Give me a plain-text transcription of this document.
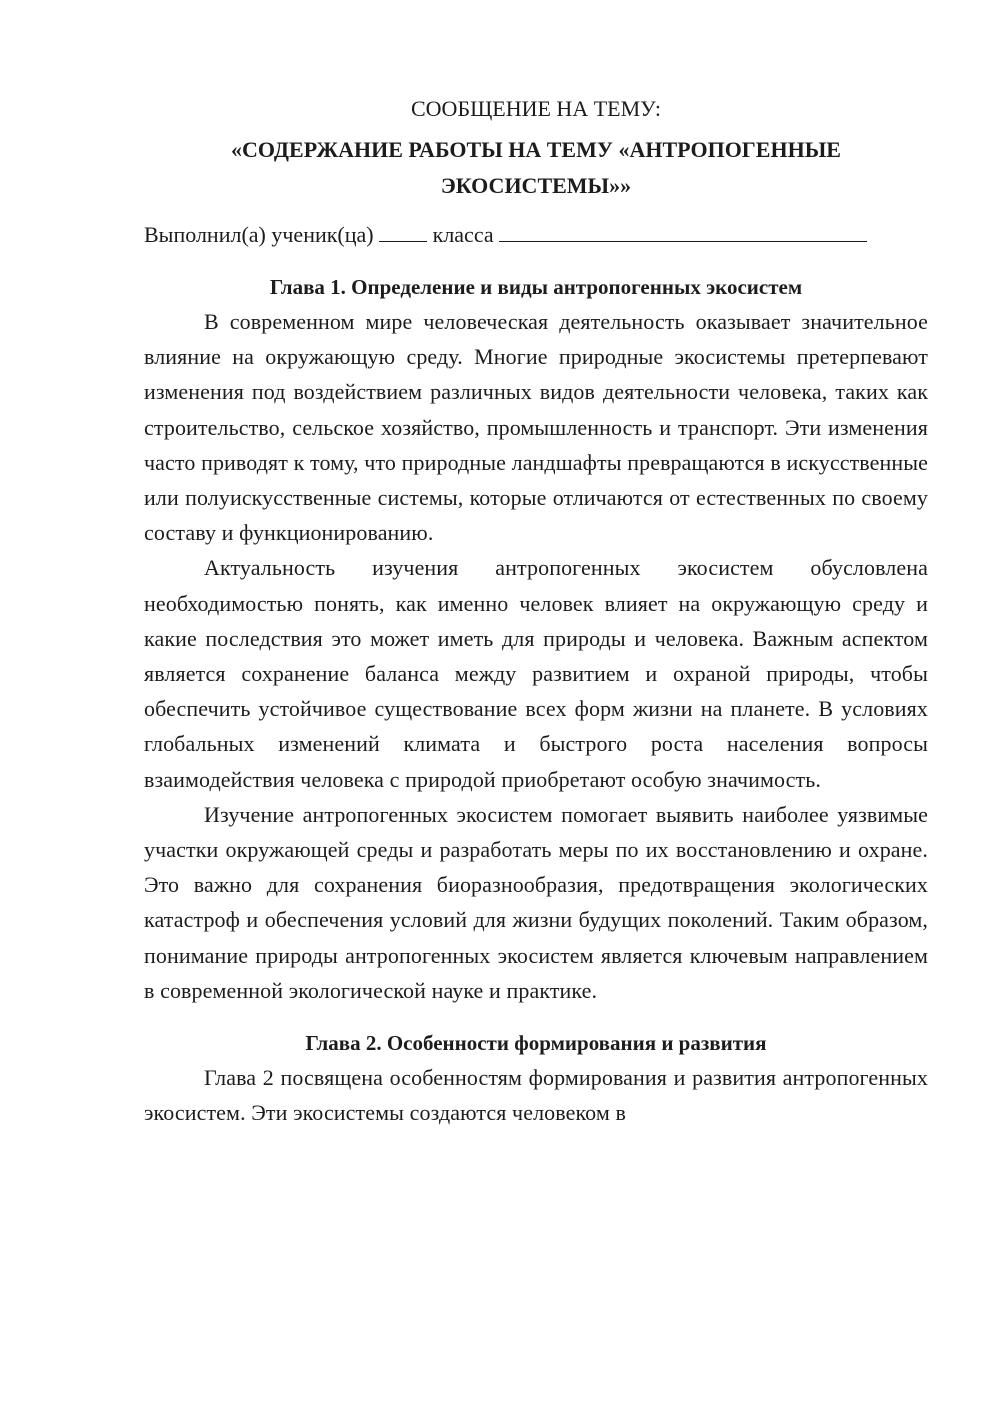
СООБЩЕНИЕ НА ТЕМУ:

«СОДЕРЖАНИЕ РАБОТЫ НА ТЕМУ «АНТРОПОГЕННЫЕ ЭКОСИСТЕМЫ»»

Выполнил(а) ученик(ца)	класса

Глава 1. Определение и виды антропогенных экосистем

В современном мире человеческая деятельность оказывает значительное влияние на окружающую среду. Многие природные экосистемы претерпевают изменения под воздействием различных видов деятельности человека, таких как строительство, сельское хозяйство, промышленность и транспорт. Эти изменения часто приводят к тому, что природные ландшафты превращаются в искусственные или полуискусственные системы, которые отличаются от естественных по своему составу и функционированию.

Актуальность изучения антропогенных экосистем обусловлена необходимостью понять, как именно человек влияет на окружающую среду и какие последствия это может иметь для природы и человека. Важным аспектом является сохранение баланса между развитием и охраной природы, чтобы обеспечить устойчивое существование всех форм жизни на планете. В условиях глобальных изменений климата и быстрого роста населения вопросы взаимодействия человека с природой приобретают особую значимость.

Изучение антропогенных экосистем помогает выявить наиболее уязвимые участки окружающей среды и разработать меры по их восстановлению и охране. Это важно для сохранения биоразнообразия, предотвращения экологических катастроф и обеспечения условий для жизни будущих поколений. Таким образом, понимание природы антропогенных экосистем является ключевым направлением в современной экологической науке и практике.

Глава 2. Особенности формирования и развития

Глава 2 посвящена особенностям формирования и развития антропогенных экосистем. Эти экосистемы создаются человеком в
